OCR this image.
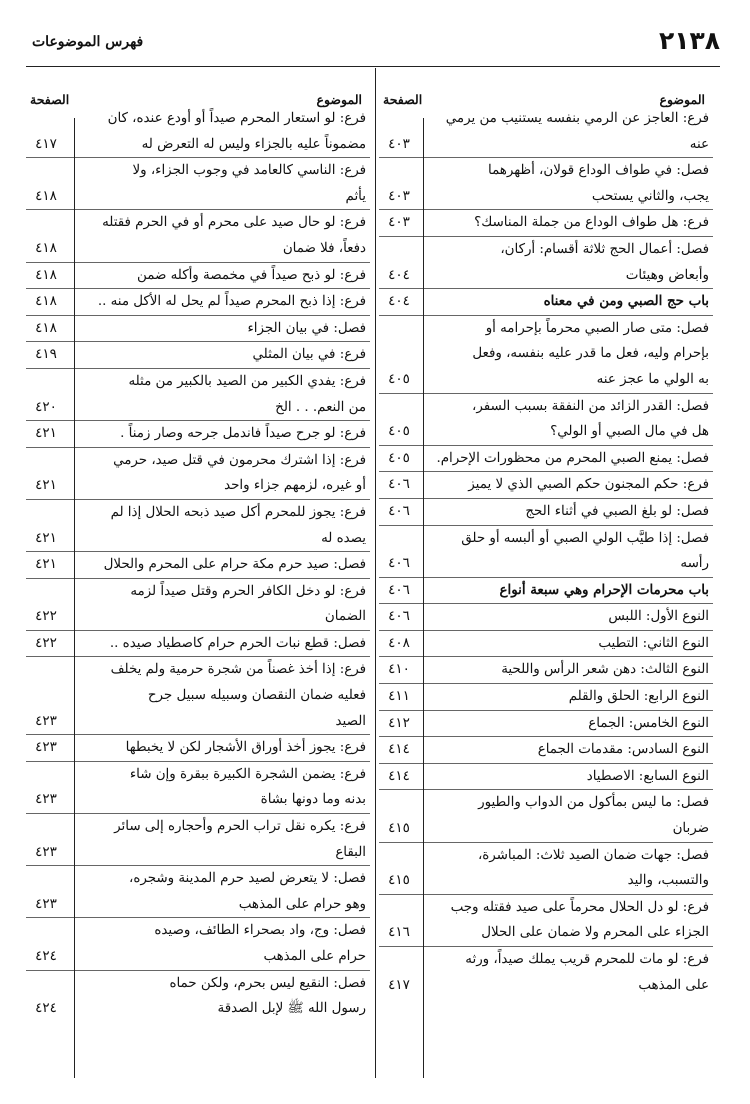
٢١٣٨
فهرس الموضوعات
الموضوع
الصفحة
فرع: العاجز عن الرمي بنفسه يستنيب من يرمي
عنه
٤٠٣
فصل: في طواف الوداع قولان، أظهرهما
يجب، والثاني يستحب
٤٠٣
فرع: هل طواف الوداع من جملة المناسك؟
٤٠٣
فصل: أعمال الحج ثلاثة أقسام: أركان،
وأبعاض وهيئات
٤٠٤
باب حج الصبي ومن في معناه
٤٠٤
فصل: متى صار الصبي محرماً بإحرامه أو
بإحرام وليه، فعل ما قدر عليه بنفسه، وفعل
به الولي ما عجز عنه
٤٠٥
فصل: القدر الزائد من النفقة بسبب السفر،
هل في مال الصبي أو الولي؟
٤٠٥
فصل: يمنع الصبي المحرم من محظورات الإحرام.
٤٠٥
فرع: حكم المجنون حكم الصبي الذي لا يميز
٤٠٦
فصل: لو بلغ الصبي في أثناء الحج
٤٠٦
فصل: إذا طيَّب الولي الصبي أو ألبسه أو حلق
رأسه
٤٠٦
باب محرمات الإحرام وهي سبعة أنواع
٤٠٦
النوع الأول: اللبس
٤٠٦
النوع الثاني: التطيب
٤٠٨
النوع الثالث: دهن شعر الرأس واللحية
٤١٠
النوع الرابع: الحلق والقلم
٤١١
النوع الخامس: الجماع
٤١٢
النوع السادس: مقدمات الجماع
٤١٤
النوع السابع: الاصطياد
٤١٤
فصل: ما ليس بمأكول من الدواب والطيور
ضربان
٤١٥
فصل: جهات ضمان الصيد ثلاث: المباشرة،
والتسبب، واليد
٤١٥
فرع: لو دل الحلال محرماً على صيد فقتله وجب
الجزاء على المحرم ولا ضمان على الحلال
٤١٦
فرع: لو مات للمحرم قريب يملك صيداً، ورثه
على المذهب
٤١٧
الموضوع
الصفحة
فرع: لو استعار المحرم صيداً أو أودع عنده، كان
مضموناً عليه بالجزاء وليس له التعرض له
٤١٧
فرع: الناسي كالعامد في وجوب الجزاء، ولا
يأثم
٤١٨
فرع: لو حال صيد على محرم أو في الحرم فقتله
دفعاً، فلا ضمان
٤١٨
فرع: لو ذبح صيداً في مخمصة وأكله ضمن
٤١٨
فرع: إذا ذبح المحرم صيداً لم يحل له الأكل منه ..
٤١٨
فصل: في بيان الجزاء
٤١٨
فرع: في بيان المثلي
٤١٩
فرع: يفدي الكبير من الصيد بالكبير من مثله
من النعم. . . الخ
٤٢٠
فرع: لو جرح صيداً فاندمل جرحه وصار زمناً .
٤٢١
فرع: إذا اشترك محرمون في قتل صيد، حرمي
أو غيره، لزمهم جزاء واحد
٤٢١
فرع: يجوز للمحرم أكل صيد ذبحه الحلال إذا لم
يصده له
٤٢١
فصل: صيد حرم مكة حرام على المحرم والحلال
٤٢١
فرع: لو دخل الكافر الحرم وقتل صيداً لزمه
الضمان
٤٢٢
فصل: قطع نبات الحرم حرام كاصطياد صيده ..
٤٢٢
فرع: إذا أخذ غصناً من شجرة حرمية ولم يخلف
فعليه ضمان النقصان وسبيله سبيل جرح
الصيد
٤٢٣
فرع: يجوز أخذ أوراق الأشجار لكن لا يخبطها
٤٢٣
فرع: يضمن الشجرة الكبيرة ببقرة وإن شاء
بدنه وما دونها بشاة
٤٢٣
فرع: يكره نقل تراب الحرم وأحجاره إلى سائر
البقاع
٤٢٣
فصل: لا يتعرض لصيد حرم المدينة وشجره،
وهو حرام على المذهب
٤٢٣
فصل: وج، واد بصحراء الطائف، وصيده
حرام على المذهب
٤٢٤
فصل: النقيع ليس بحرم، ولكن حماه
رسول الله ﷺ لإبل الصدقة
٤٢٤
